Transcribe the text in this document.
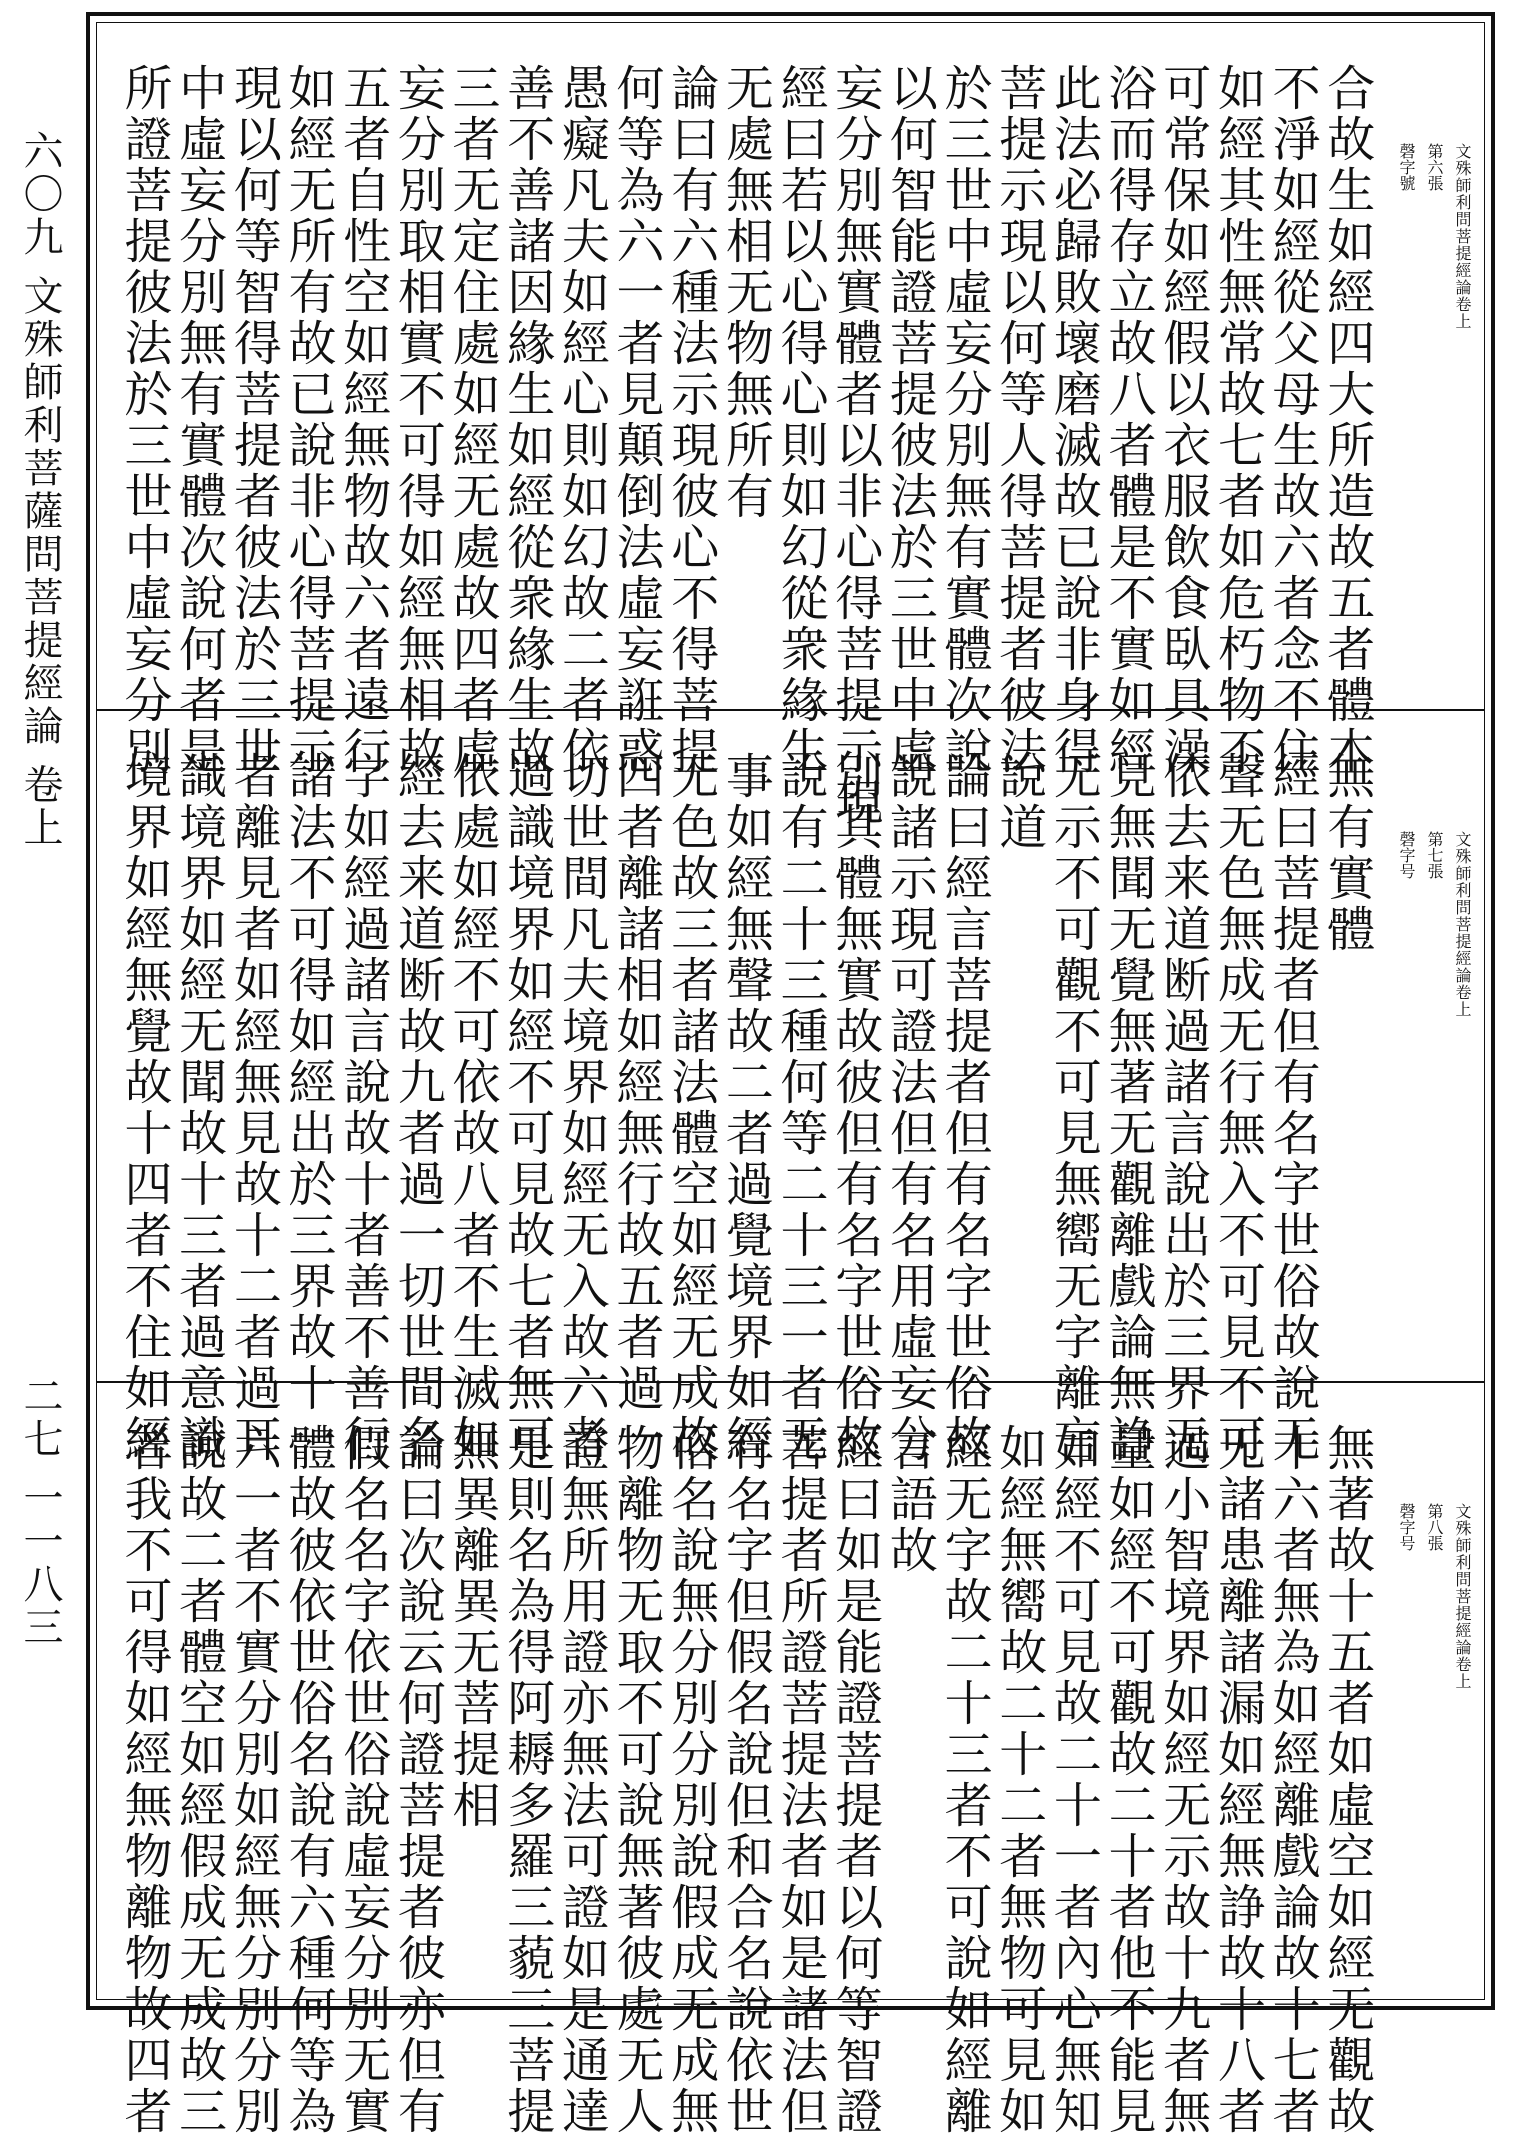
六〇九 文殊師利菩薩問菩提經論 卷上
二七 一一八三
文殊師利問菩提經論卷上
第六張
磬字號
合故生如經四大所造故五者體本
不淨如經從父母生故六者念不住
如經其性無常故七者如危朽物不
可常保如經假以衣服飲食臥具澡
浴而得存立故八者體是不實如經
此法必歸敗壞磨滅故已說非身得
菩提示現以何等人得菩提者彼法
於三世中虛妄分別無有實體次說
以何智能證菩提彼法於三世中虛
妄分別無實體者以非心得菩提示現
經曰若以心得心則如幻從衆緣生
无處無相无物無所有
論曰有六種法示現彼心不得菩提
何等為六一者見顛倒法虛妄誑惑
愚癡凡夫如經心則如幻故二者依
善不善諸因緣生如經從衆緣生故
三者无定住處如經无處故四者虛
妄分別取相實不可得如經無相故
五者自性空如經無物故六者遠行
如經无所有故已說非心得菩提示
現以何等智得菩提者彼法於三世
中虛妄分別無有實體次說何者是
所證菩提彼法於三世中虛妄分別
文殊師利問菩提經論卷上
第七張
磬字号
無有實體
經曰菩提者但有名字世俗故說无
聲无色無成无行無入不可見不可
依去来道断過諸言說出於三界无
見無聞无覺無著无觀離戲論無諍
无示不可觀不可見無嚮无字離言
說道
論曰經言菩提者但有名字世俗故
說諸示現可證法但有名用虛妄分
別其體無實故彼但有名字世俗故
說有二十三種何等二十三一者无
事如經無聲故二者過覺境界如經
无色故三者諸法體空如經无成故
四者離諸相如經無行故五者過一
切世間凡夫境界如經无入故六者
過識境界如經不可見故七者無可
依處如經不可依故八者不生滅如
經去来道断故九者過一切世間名
字如經過諸言說故十者善不善行
諸法不可得如經出於三界故十一
者離見者如經無見故十二者過耳
識境界如經无聞故十三者過意識
境界如經無覺故十四者不住如經
文殊師利問菩提經論卷上
第八張
磬字号
無著故十五者如虛空如經无觀故
十六者無為如經離戲論故十七者
无諸患離諸漏如經無諍故十八者
過小智境界如經无示故十九者無
量如經不可觀故二十者他不能見
如經不可見故二十一者內心無知
如經無嚮故二十二者無物可見如
經无字故二十三者不可說如經離
言語故
經曰如是能證菩提者以何等智證
菩提者所證菩提法者如是諸法但
有名字但假名說但和合名說依世
俗名說無分別分別說假成无成無
物離物无取不可說無著彼處无人
證無所用證亦無法可證如是通達
是則名為得阿耨多羅三藐三菩提
無異離異无菩提相
論曰次說云何證菩提者彼亦但有
假名名字依世俗說虛妄分別无實
體故彼依世俗名說有六種何等為
六一者不實分別如經無分別分別
說故二者體空如經假成无成故三
者我不可得如經無物離物故四者
